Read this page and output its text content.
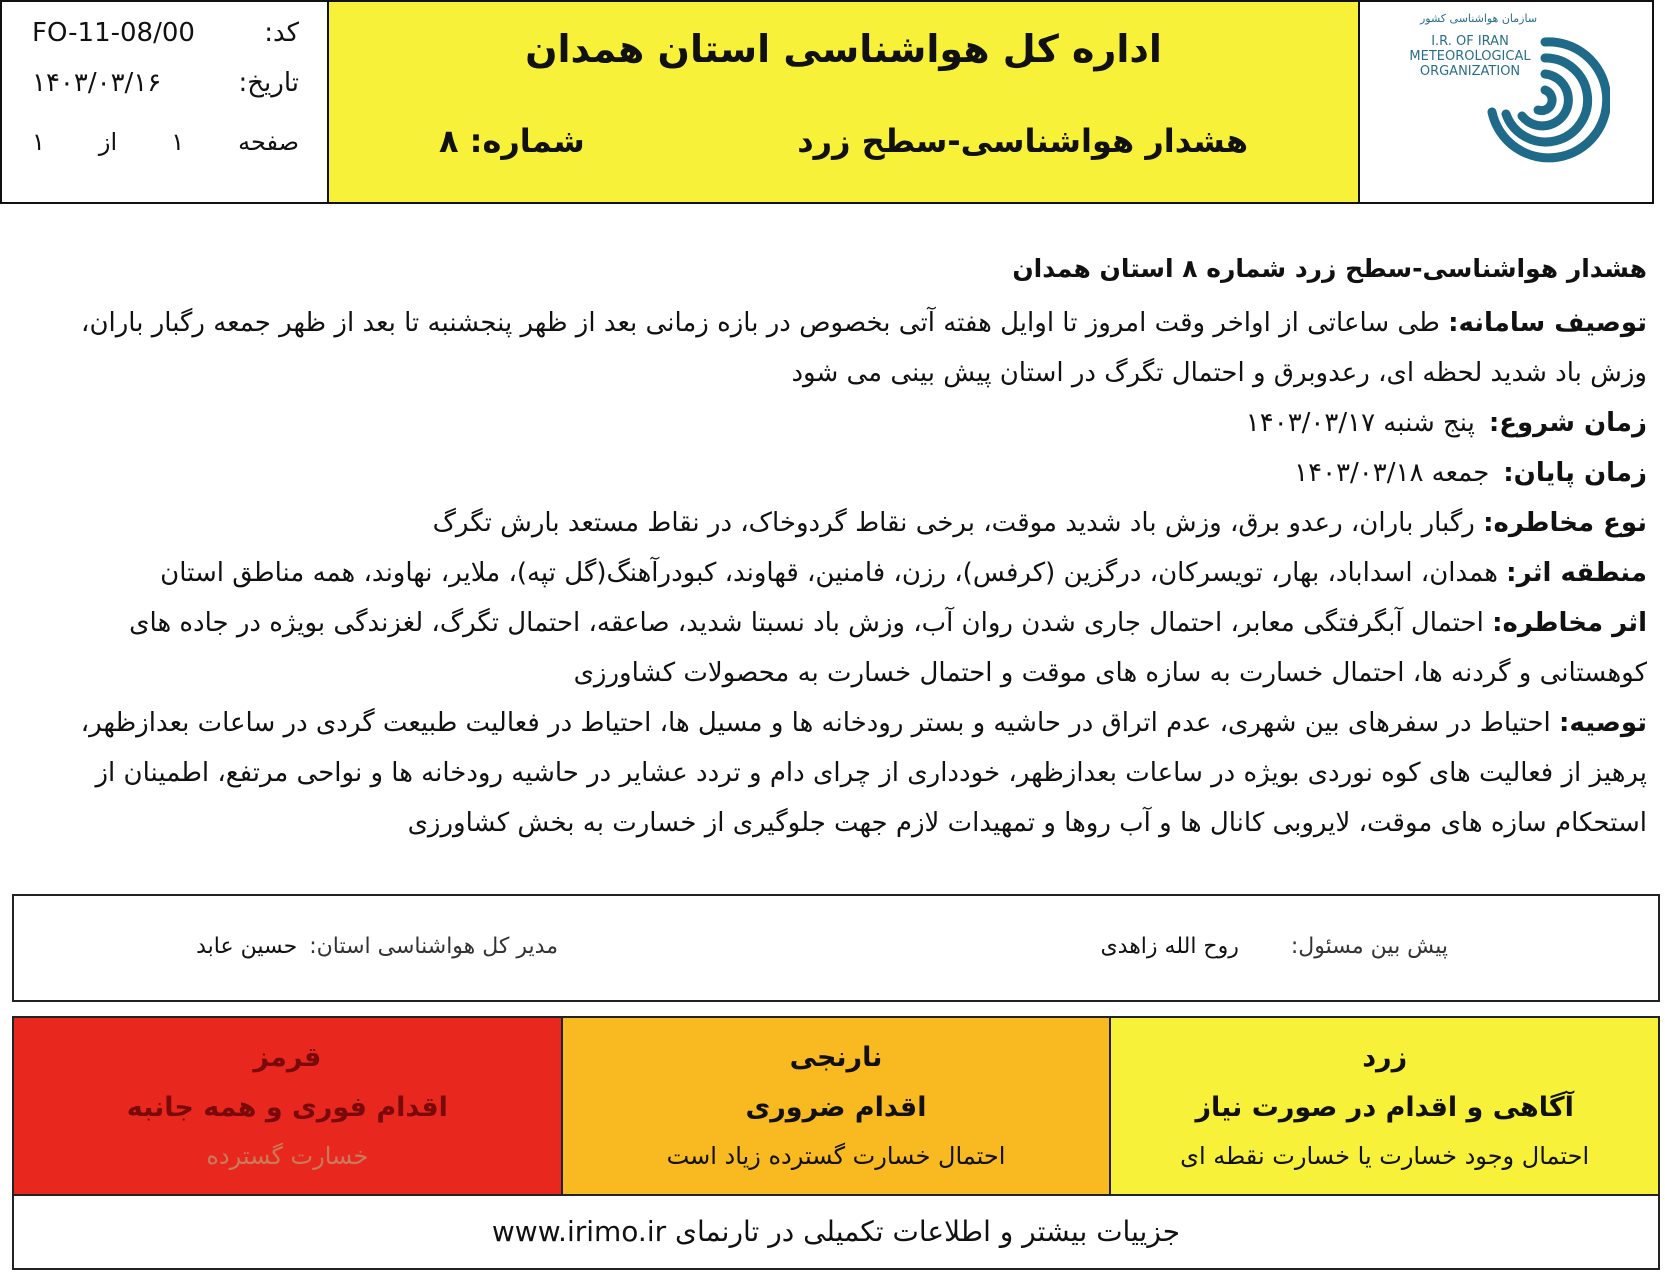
کد:
FO-11-08/00
تاریخ:
۱۴۰۳/۰۳/۱۶
صفحه
۱
از
۱
اداره کل هواشناسی استان همدان
هشدار هواشناسی-سطح زرد
شماره: ۸
سازمان هواشناسی کشور
I.R. OF IRAN METEOROLOGICAL ORGANIZATION

هشدار هواشناسی-سطح زرد شماره ۸ استان همدان

توصیف سامانه: طی ساعاتی از اواخر وقت امروز تا اوایل هفته آتی بخصوص در بازه زمانی بعد از ظهر پنجشنبه تا بعد از ظهر جمعه رگبار باران، وزش باد شدید لحظه ای، رعدوبرق و احتمال تگرگ در استان پیش بینی می شود

زمان شروع:
پنج شنبه ۱۴۰۳/۰۳/۱۷

زمان پایان:
جمعه ۱۴۰۳/۰۳/۱۸

نوع مخاطره: رگبار باران، رعدو برق، وزش باد شدید موقت، برخی نقاط گردوخاک، در نقاط مستعد بارش تگرگ

منطقه اثر: همدان، اسداباد، بهار، تویسرکان، درگزین (کرفس)، رزن، فامنین، قهاوند، کبودرآهنگ(گل تپه)، ملایر، نهاوند، همه مناطق استان

اثر مخاطره: احتمال آبگرفتگی معابر، احتمال جاری شدن روان آب، وزش باد نسبتا شدید، صاعقه، احتمال تگرگ، لغزندگی بویژه در جاده های کوهستانی و گردنه ها، احتمال خسارت به سازه های موقت و احتمال خسارت به محصولات کشاورزی

توصیه: احتیاط در سفرهای بین شهری، عدم اتراق در حاشیه و بستر رودخانه ها و مسیل ها، احتیاط در فعالیت طبیعت گردی در ساعات بعدازظهر، پرهیز از فعالیت های کوه نوردی بویژه در ساعات بعدازظهر، خودداری از چرای دام و تردد عشایر در حاشیه رودخانه ها و نواحی مرتفع، اطمینان از استحکام سازه های موقت، لایروبی کانال ها و آب روها و تمهیدات لازم جهت جلوگیری از خسارت به بخش کشاورزی

پیش بین مسئول:
روح الله زاهدی
مدیر کل هواشناسی استان:
حسین عابد
زرد
آگاهی و اقدام در صورت نیاز
احتمال وجود خسارت یا خسارت نقطه ای
نارنجی
اقدام ضروری
احتمال خسارت گسترده زیاد است
قرمز
اقدام فوری و همه جانبه
خسارت گسترده
جزییات بیشتر و اطلاعات تکمیلی در تارنمای www.irimo.ir
